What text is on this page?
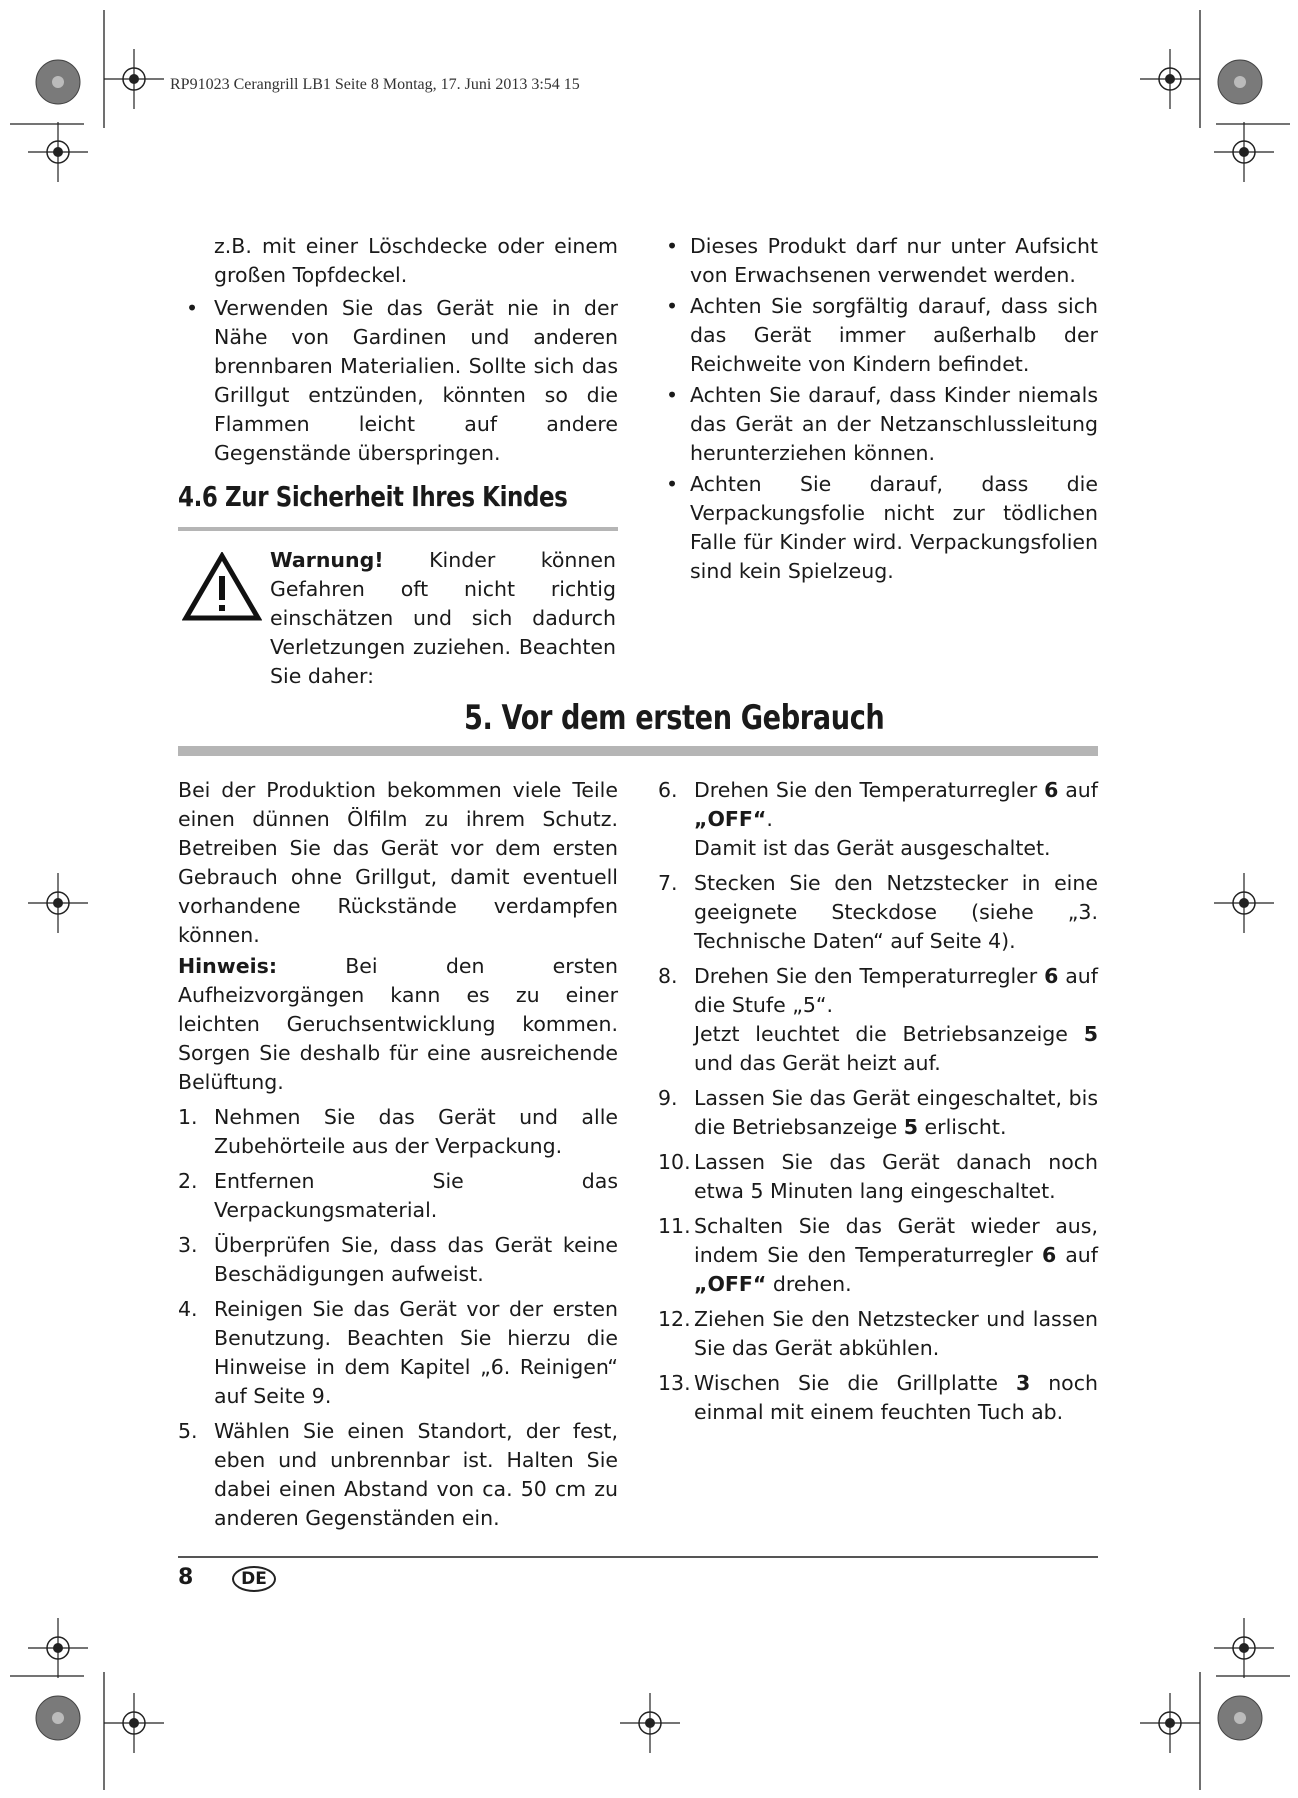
RP91023 Cerangrill LB1 Seite 8 Montag, 17. Juni 2013 3:54 15

z.B. mit einer Löschdecke oder einem großen Topfdeckel.

• Verwenden Sie das Gerät nie in der Nähe von Gardinen und anderen brennbaren Materialien. Sollte sich das Grillgut entzünden, könnten so die Flammen leicht auf andere Gegenstände überspringen.
4.6 Zur Sicherheit Ihres Kindes
Warnung! Kinder können Gefahren oft nicht richtig einschätzen und sich dadurch Verletzungen zuziehen. Beachten Sie daher:
• Dieses Produkt darf nur unter Aufsicht von Erwachsenen verwendet werden.
• Achten Sie sorgfältig darauf, dass sich das Gerät immer außerhalb der Reichweite von Kindern befindet.
• Achten Sie darauf, dass Kinder niemals das Gerät an der Netzanschlussleitung herunterziehen können.
• Achten Sie darauf, dass die Verpackungsfolie nicht zur tödlichen Falle für Kinder wird. Verpackungsfolien sind kein Spielzeug.
5. Vor dem ersten Gebrauch

Bei der Produktion bekommen viele Teile einen dünnen Ölfilm zu ihrem Schutz. Betreiben Sie das Gerät vor dem ersten Gebrauch ohne Grillgut, damit eventuell vorhandene Rückstände verdampfen können.

Hinweis: Bei den ersten Aufheizvorgängen kann es zu einer leichten Geruchsentwicklung kommen. Sorgen Sie deshalb für eine ausreichende Belüftung.

1. Nehmen Sie das Gerät und alle Zubehörteile aus der Verpackung.
2. Entfernen Sie das Verpackungsmaterial.
3. Überprüfen Sie, dass das Gerät keine Beschädigungen aufweist.
4. Reinigen Sie das Gerät vor der ersten Benutzung. Beachten Sie hierzu die Hinweise in dem Kapitel „6. Reinigen“ auf Seite 9.
5. Wählen Sie einen Standort, der fest, eben und unbrennbar ist. Halten Sie dabei einen Abstand von ca. 50 cm zu anderen Gegenständen ein.
6. Drehen Sie den Temperaturregler 6 auf „OFF“.

Damit ist das Gerät ausgeschaltet.

7. Stecken Sie den Netzstecker in eine geeignete Steckdose (siehe „3. Technische Daten“ auf Seite 4).
8. Drehen Sie den Temperaturregler 6 auf die Stufe „5“.

Jetzt leuchtet die Betriebsanzeige 5 und das Gerät heizt auf.

9. Lassen Sie das Gerät eingeschaltet, bis die Betriebsanzeige 5 erlischt.
10. Lassen Sie das Gerät danach noch etwa 5 Minuten lang eingeschaltet.
11. Schalten Sie das Gerät wieder aus, indem Sie den Temperaturregler 6 auf „OFF“ drehen.
12. Ziehen Sie den Netzstecker und lassen Sie das Gerät abkühlen.
13. Wischen Sie die Grillplatte 3 noch einmal mit einem feuchten Tuch ab.
8	DE
